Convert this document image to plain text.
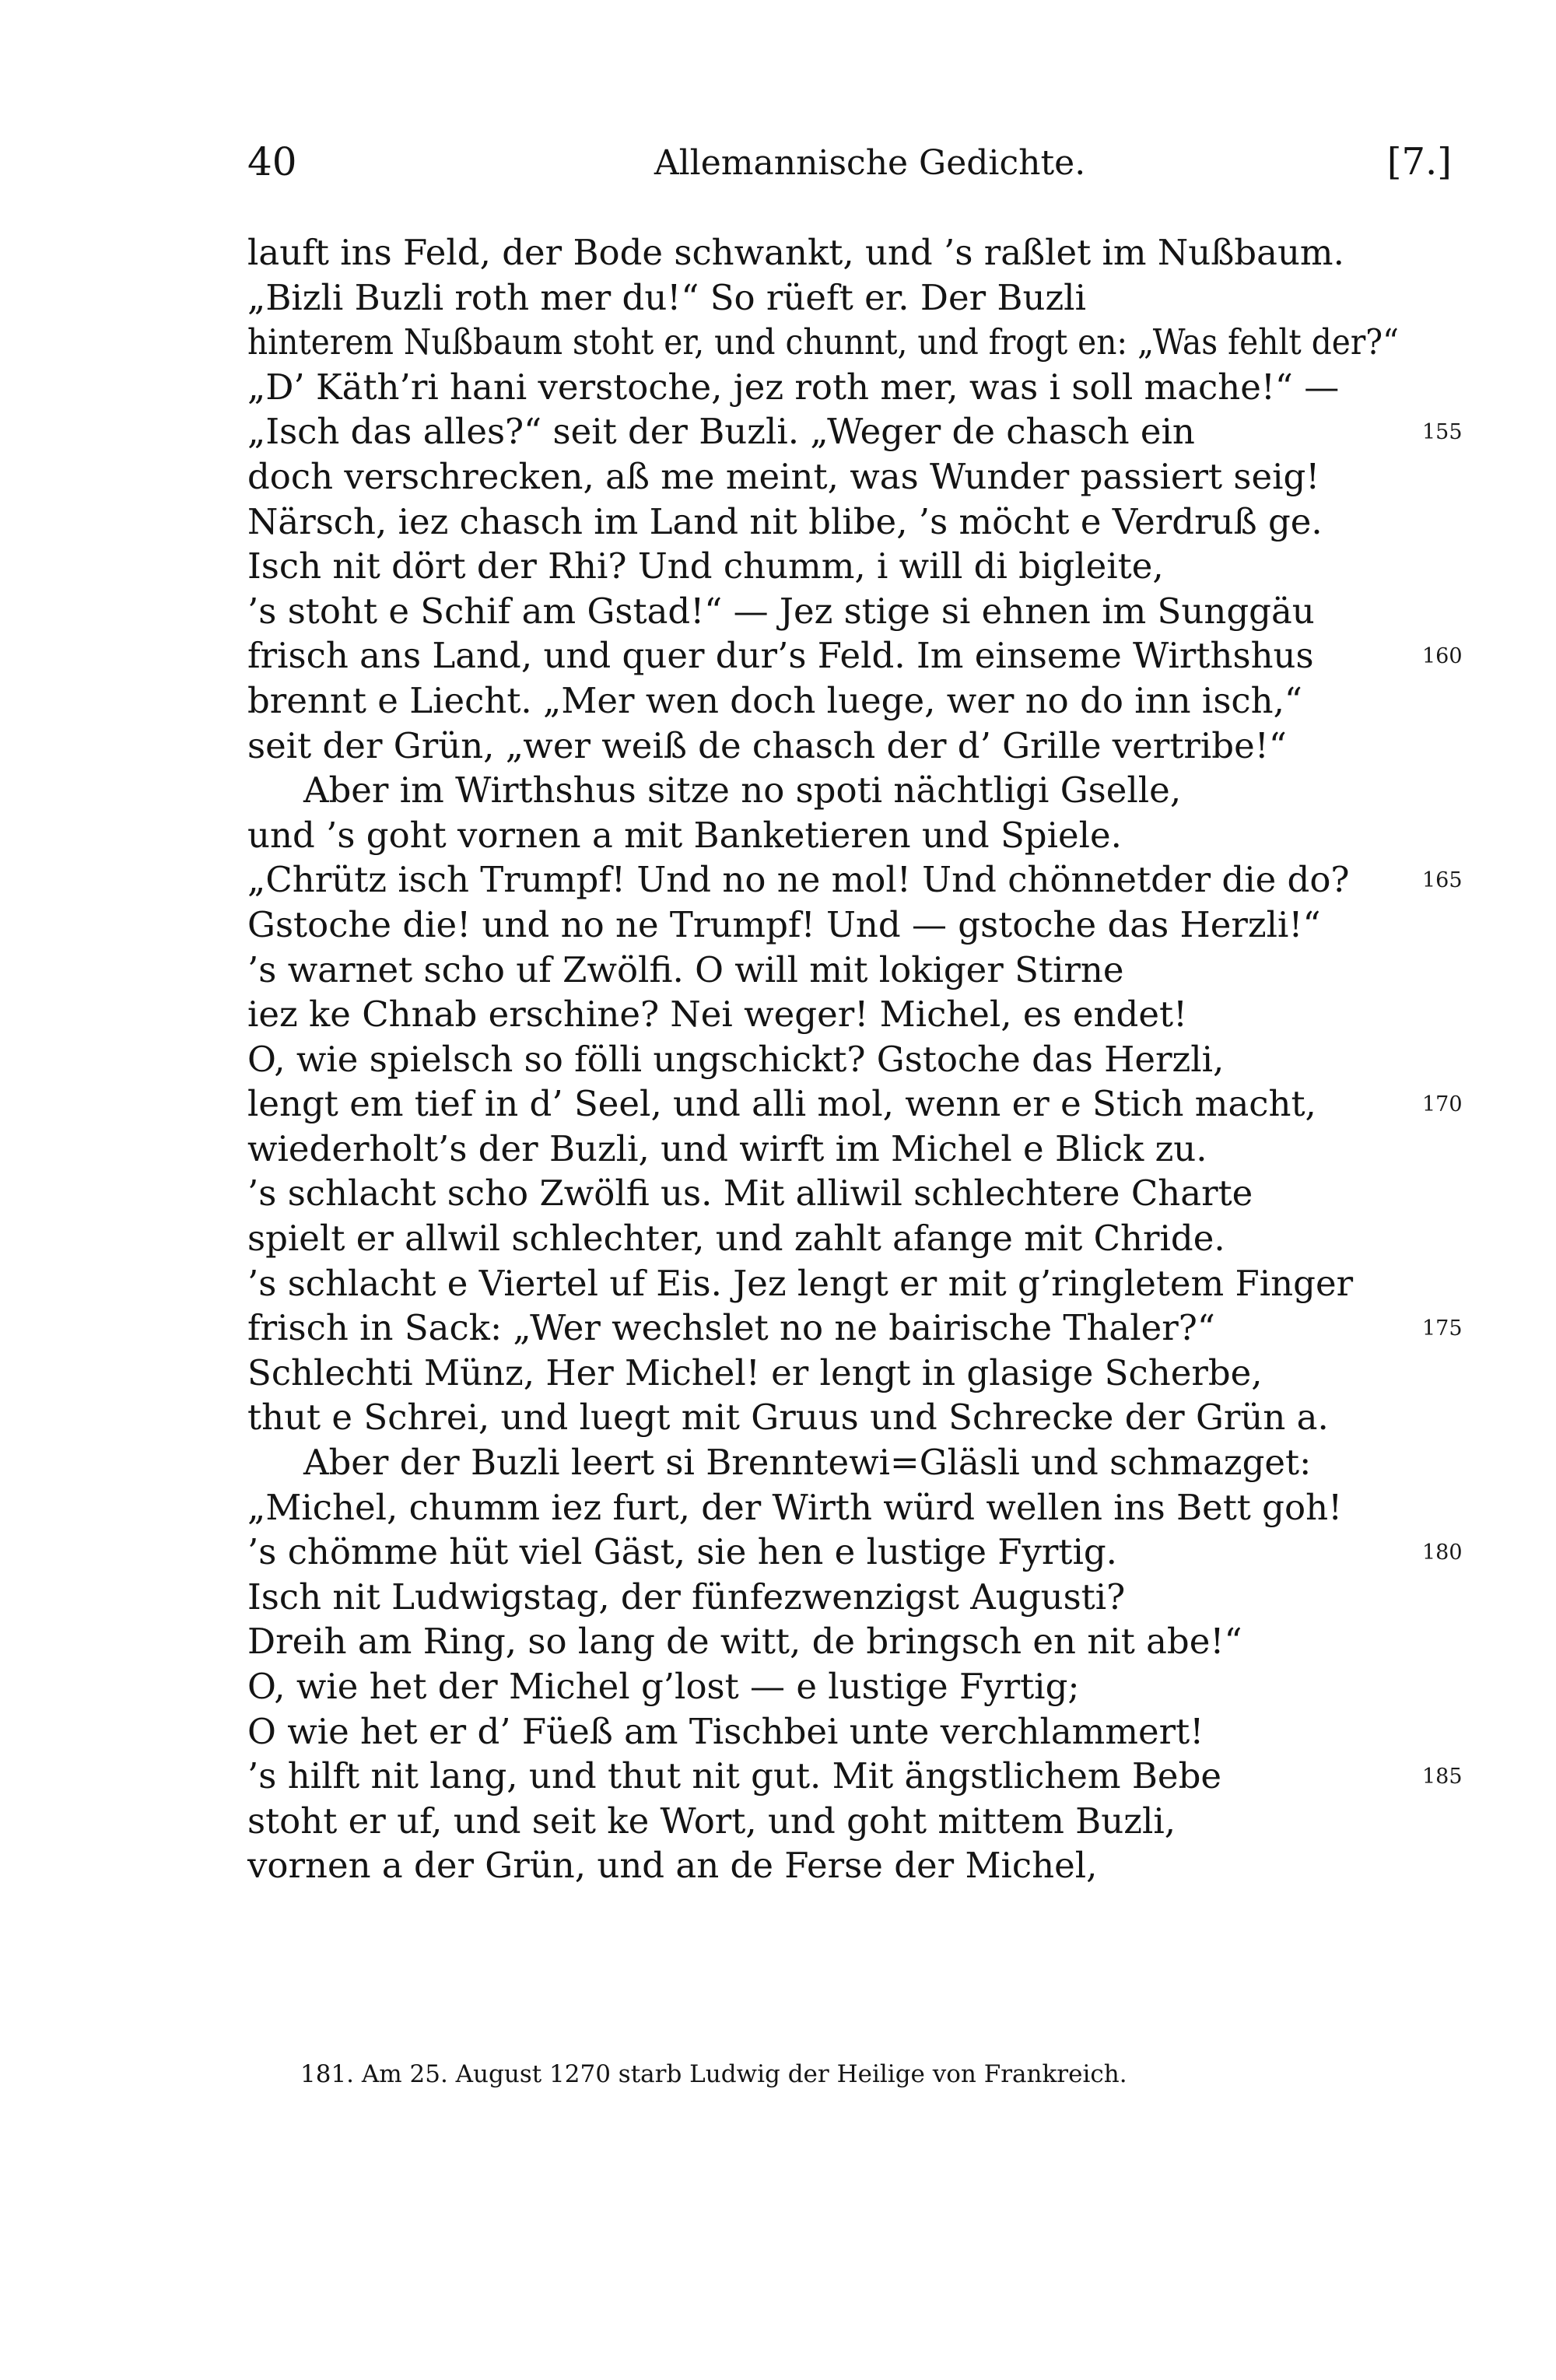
40	Allemannische Gedichte.	[7.]
lauft ins Feld, der Bode schwankt, und ’s raßlet im Nußbaum.
„Bizli Buzli roth mer du!“ So rüeft er. Der Buzli
hinterem Nußbaum stoht er, und chunnt, und frogt en: „Was fehlt der?“
„D’ Käth’ri hani verstoche, jez roth mer, was i soll mache!“ —
„Isch das alles?“ seit der Buzli. „Weger de chasch ein	155
doch verschrecken, aß me meint, was Wunder passiert seig!
Närsch, iez chasch im Land nit blibe, ’s möcht e Verdruß ge.
Isch nit dört der Rhi? Und chumm, i will di bigleite,
’s stoht e Schif am Gstad!“ — Jez stige si ehnen im Sunggäu
frisch ans Land, und quer dur’s Feld. Im einseme Wirthshus	160
brennt e Liecht. „Mer wen doch luege, wer no do inn isch,“
seit der Grün, „wer weiß de chasch der d’ Grille vertribe!“
Aber im Wirthshus sitze no spoti nächtligi Gselle,
und ’s goht vornen a mit Banketieren und Spiele.
„Chrütz isch Trumpf! Und no ne mol! Und chönnetder die do?	165
Gstoche die! und no ne Trumpf! Und — gstoche das Herzli!“
’s warnet scho uf Zwölfi. O will mit lokiger Stirne
iez ke Chnab erschine? Nei weger! Michel, es endet!
O, wie spielsch so fölli ungschickt? Gstoche das Herzli,
lengt em tief in d’ Seel, und alli mol, wenn er e Stich macht,	170
wiederholt’s der Buzli, und wirft im Michel e Blick zu.
’s schlacht scho Zwölfi us. Mit alliwil schlechtere Charte
spielt er allwil schlechter, und zahlt afange mit Chride.
’s schlacht e Viertel uf Eis. Jez lengt er mit g’ringletem Finger
frisch in Sack: „Wer wechslet no ne bairische Thaler?“	175
Schlechti Münz, Her Michel! er lengt in glasige Scherbe,
thut e Schrei, und luegt mit Gruus und Schrecke der Grün a.
Aber der Buzli leert si Brenntewi=Gläsli und schmazget:
„Michel, chumm iez furt, der Wirth würd wellen ins Bett goh!
’s chömme hüt viel Gäst, sie hen e lustige Fyrtig.	180
Isch nit Ludwigstag, der fünfezwenzigst Augusti?
Dreih am Ring, so lang de witt, de bringsch en nit abe!“
O, wie het der Michel g’lost — e lustige Fyrtig;
O wie het er d’ Füeß am Tischbei unte verchlammert!
’s hilft nit lang, und thut nit gut. Mit ängstlichem Bebe	185
stoht er uf, und seit ke Wort, und goht mittem Buzli,
vornen a der Grün, und an de Ferse der Michel,
181. Am 25. August 1270 starb Ludwig der Heilige von Frankreich.
